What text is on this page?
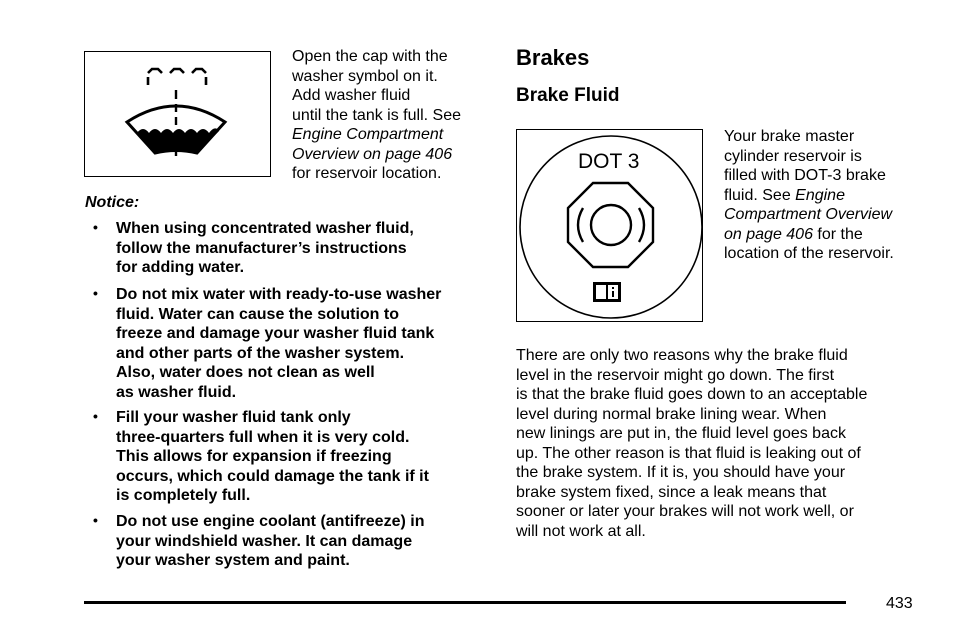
Open the cap with the
washer symbol on it.
Add washer fluid
until the tank is full. See
Engine Compartment
Overview on page 406
for reservoir location.
Notice:
• When using concentrated washer fluid,
follow the manufacturer’s instructions
for adding water.
• Do not mix water with ready-to-use washer
fluid. Water can cause the solution to
freeze and damage your washer fluid tank
and other parts of the washer system.
Also, water does not clean as well
as washer fluid.
• Fill your washer fluid tank only
three-quarters full when it is very cold.
This allows for expansion if freezing
occurs, which could damage the tank if it
is completely full.
• Do not use engine coolant (antifreeze) in
your windshield washer. It can damage
your washer system and paint.
Brakes
Brake Fluid
DOT 3
Your brake master
cylinder reservoir is
filled with DOT-3 brake
fluid. See Engine
Compartment Overview
on page 406 for the
location of the reservoir.
There are only two reasons why the brake fluid
level in the reservoir might go down. The first
is that the brake fluid goes down to an acceptable
level during normal brake lining wear. When
new linings are put in, the fluid level goes back
up. The other reason is that fluid is leaking out of
the brake system. If it is, you should have your
brake system fixed, since a leak means that
sooner or later your brakes will not work well, or
will not work at all.
433
